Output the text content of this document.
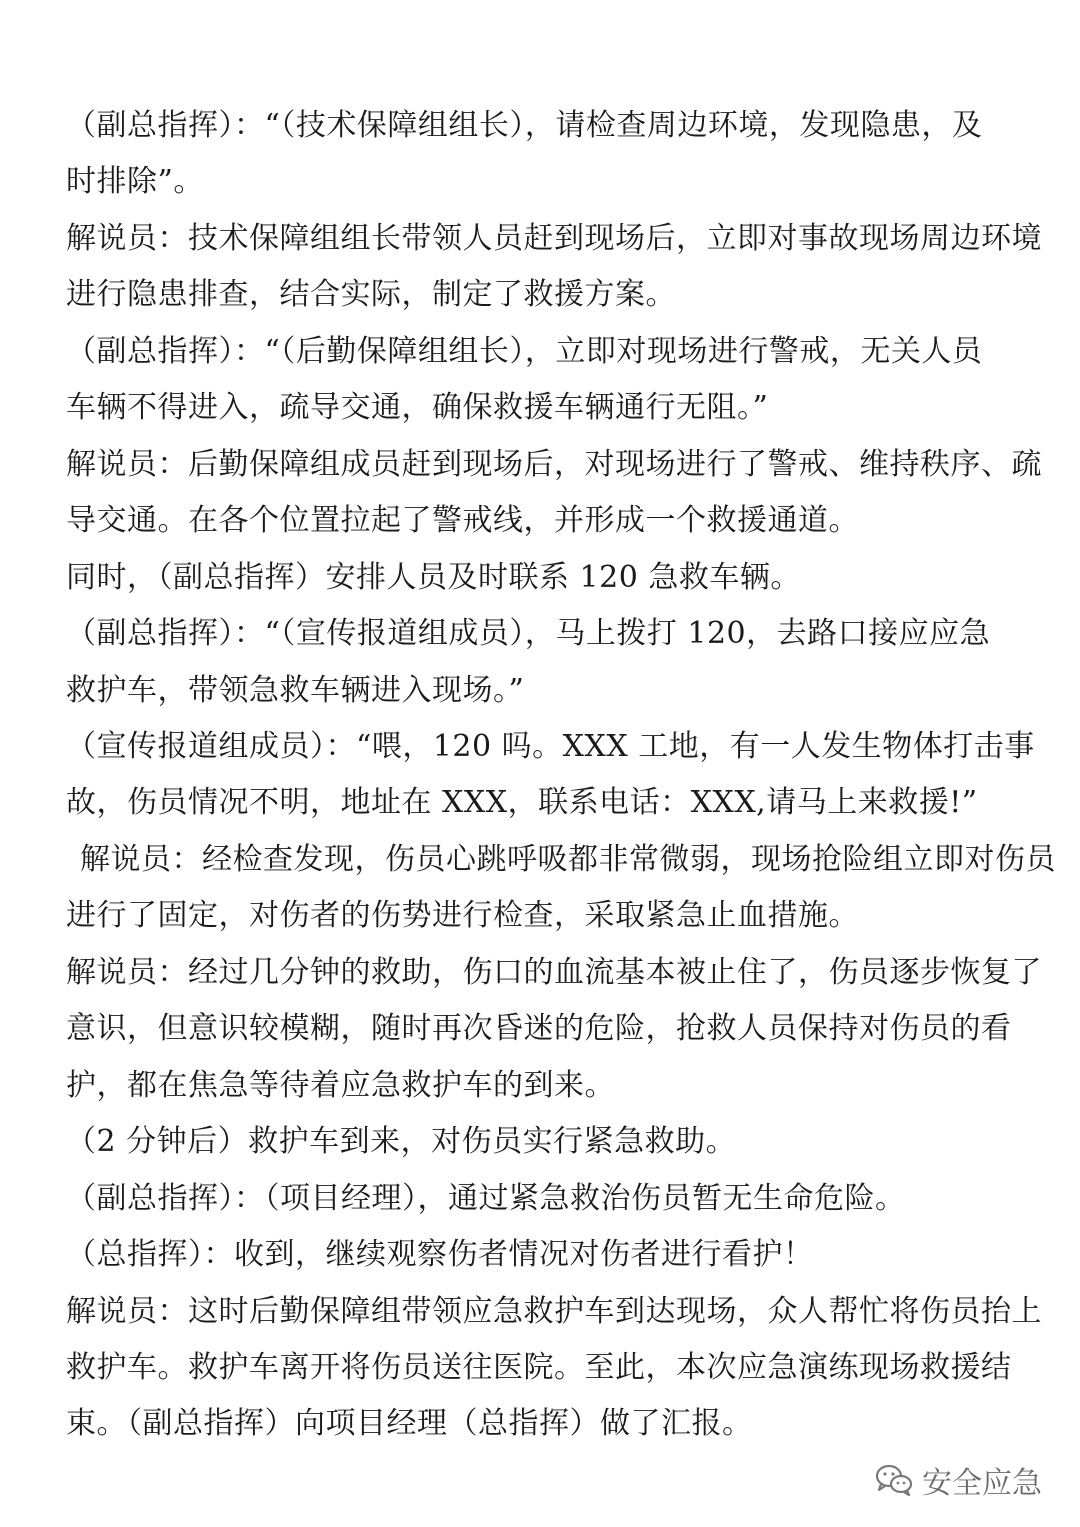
（副总指挥）：“（技术保障组组长），请检查周边环境，发现隐患，及
时排除”。
解说员：技术保障组组长带领人员赶到现场后，立即对事故现场周边环境
进行隐患排查，结合实际，制定了救援方案。
（副总指挥）：“（后勤保障组组长），立即对现场进行警戒，无关人员
车辆不得进入，疏导交通，确保救援车辆通行无阻。”
解说员：后勤保障组成员赶到现场后，对现场进行了警戒、维持秩序、疏
导交通。在各个位置拉起了警戒线，并形成一个救援通道。
同时，（副总指挥）安排人员及时联系 120 急救车辆。
（副总指挥）：“（宣传报道组成员），马上拨打 120，去路口接应应急
救护车，带领急救车辆进入现场。”
（宣传报道组成员）：“喂，120 吗。XXX 工地，有一人发生物体打击事
故，伤员情况不明，地址在 XXX，联系电话：XXX,请马上来救援!”
解说员：经检查发现，伤员心跳呼吸都非常微弱，现场抢险组立即对伤员
进行了固定，对伤者的伤势进行检查，采取紧急止血措施。
解说员：经过几分钟的救助，伤口的血流基本被止住了，伤员逐步恢复了
意识，但意识较模糊，随时再次昏迷的危险，抢救人员保持对伤员的看
护，都在焦急等待着应急救护车的到来。
（2 分钟后）救护车到来，对伤员实行紧急救助。
（副总指挥）：（项目经理），通过紧急救治伤员暂无生命危险。
（总指挥）：收到，继续观察伤者情况对伤者进行看护！
解说员：这时后勤保障组带领应急救护车到达现场，众人帮忙将伤员抬上
救护车。救护车离开将伤员送往医院。至此，本次应急演练现场救援结
束。（副总指挥）向项目经理（总指挥）做了汇报。
安全应急
